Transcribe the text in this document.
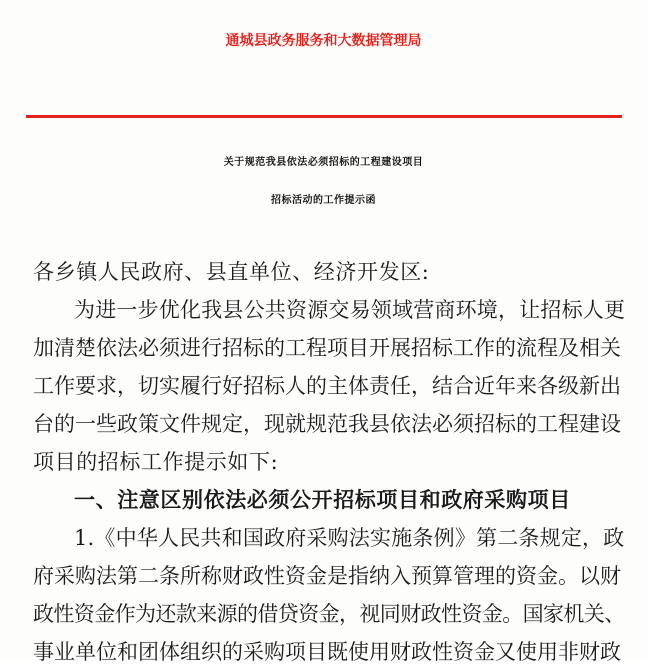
通城县政务服务和大数据管理局
关于规范我县依法必须招标的工程建设项目
招标活动的工作提示函
各乡镇人民政府、县直单位、经济开发区:
为进一步优化我县公共资源交易领域营商环境，让招标人更
加清楚依法必须进行招标的工程项目开展招标工作的流程及相关
工作要求，切实履行好招标人的主体责任，结合近年来各级新出
台的一些政策文件规定，现就规范我县依法必须招标的工程建设
项目的招标工作提示如下:
一、注意区别依法必须公开招标项目和政府采购项目
1.《中华人民共和国政府采购法实施条例》第二条规定，政
府采购法第二条所称财政性资金是指纳入预算管理的资金。以财
政性资金作为还款来源的借贷资金，视同财政性资金。国家机关、
事业单位和团体组织的采购项目既使用财政性资金又使用非财政
